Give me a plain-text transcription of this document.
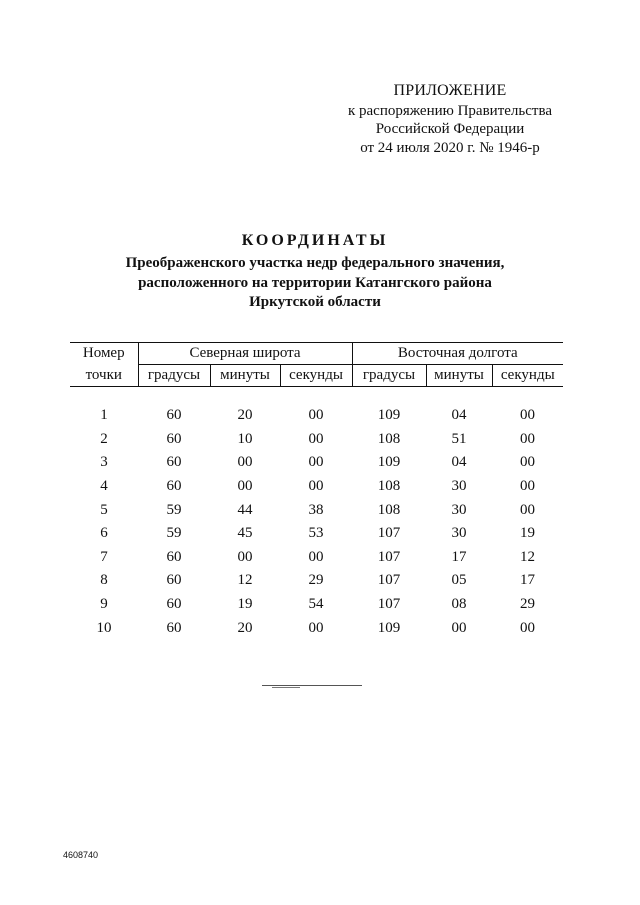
ПРИЛОЖЕНИЕ
к распоряжению Правительства
Российской Федерации
от 24 июля 2020 г. № 1946-р
КООРДИНАТЫ
Преображенского участка недр федерального значения,
расположенного на территории Катангского района
Иркутской области
Номер	Северная широта			Восточная долгота		
точки	градусы	минуты	секунды	градусы	минуты	секунды

1	60	20	00	109	04	00
2	60	10	00	108	51	00
3	60	00	00	109	04	00
4	60	00	00	108	30	00
5	59	44	38	108	30	00
6	59	45	53	107	30	19
7	60	00	00	107	17	12
8	60	12	29	107	05	17
9	60	19	54	107	08	29
10	60	20	00	109	00	00
4608740
